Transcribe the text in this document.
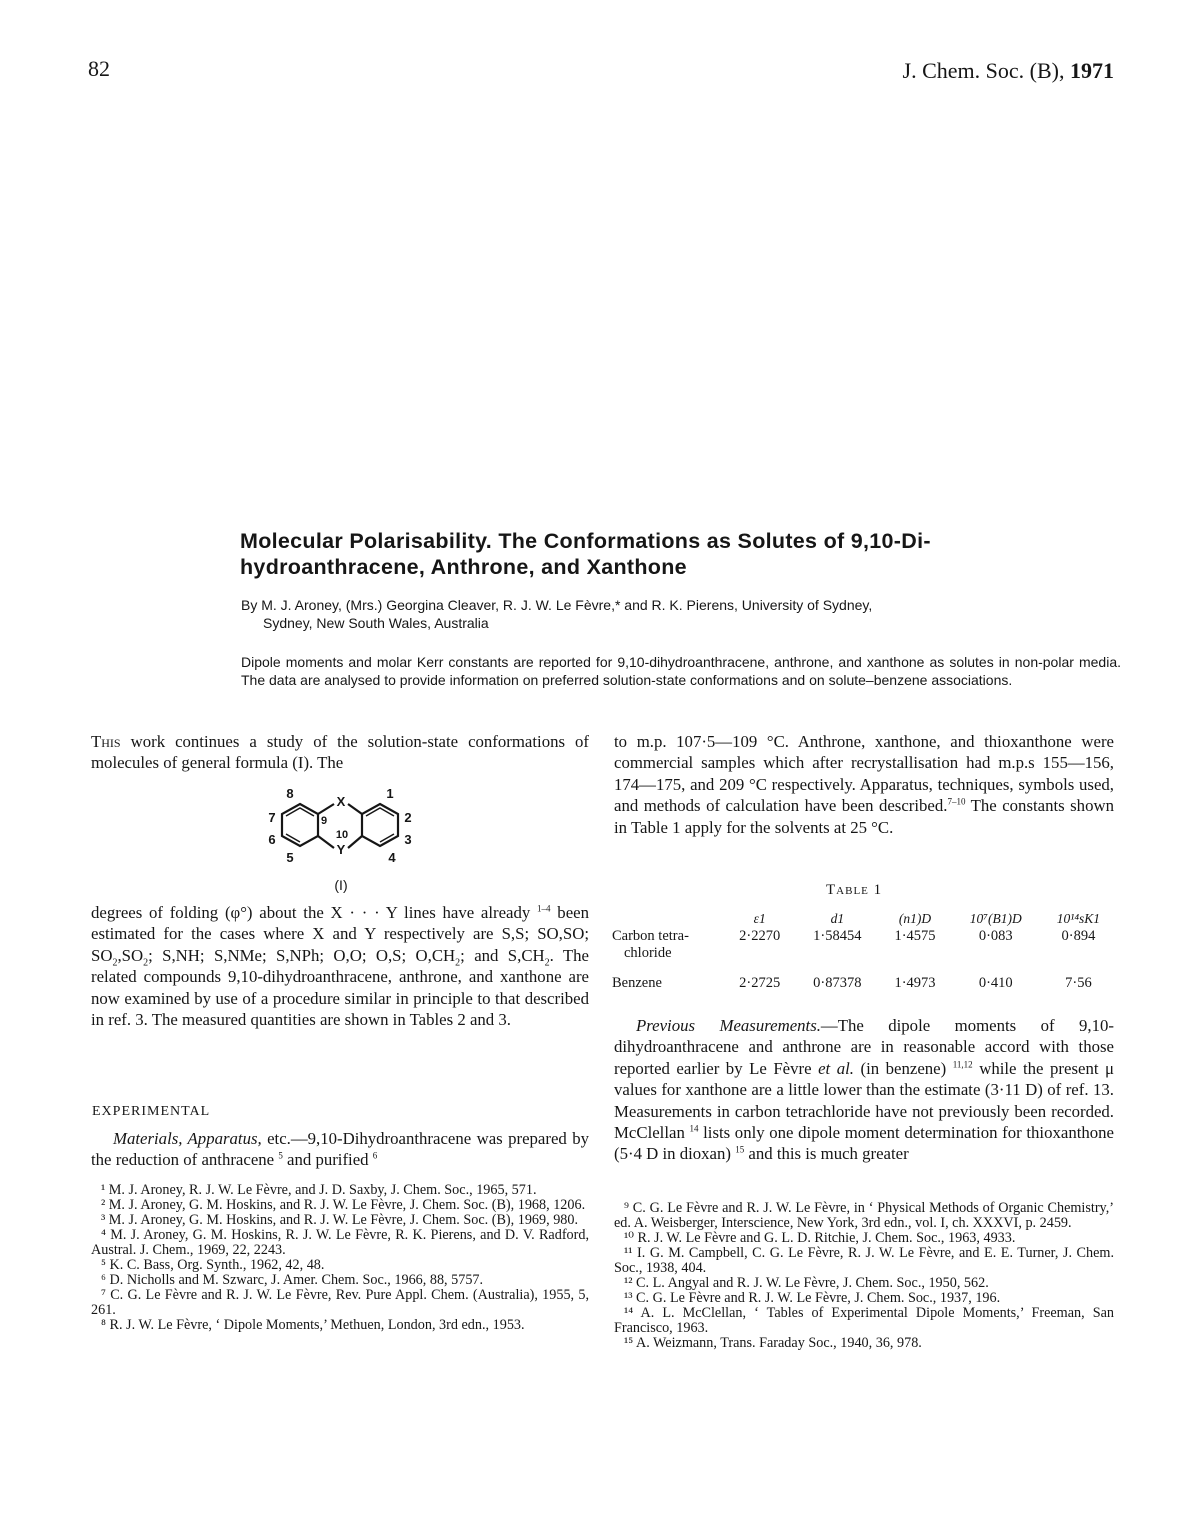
82	J. Chem. Soc. (B), 1971
Molecular Polarisability. The Conformations as Solutes of 9,10-Di- hydroanthracene, Anthrone, and Xanthone
By M. J. Aroney, (Mrs.) Georgina Cleaver, R. J. W. Le Fèvre,* and R. K. Pierens, University of Sydney,
Sydney, New South Wales, Australia
Dipole moments and molar Kerr constants are reported for 9,10-dihydroanthracene, anthrone, and xanthone as solutes in non-polar media. The data are analysed to provide information on preferred solution-state conformations and on solute–benzene associations.
This work continues a study of the solution-state conformations of molecules of general formula (I). The
X
Y
1
2
3
4
5
6
7
8
9
10
(I)
degrees of folding (φ°) about the X · · · Y lines have already $^{1-4}$ been estimated for the cases where X and Y respectively are S,S; SO,SO; $SO_2,SO_2$; S,NH; S,NMe; S,NPh; O,O; O,S; $O,CH_2$; and $S,CH_2$. The related compounds 9,10-dihydroanthracene, anthrone, and xanthone are now examined by use of a procedure similar in principle to that described in ref. 3. The measured quantities are shown in Tables 2 and 3.
EXPERIMENTAL
Materials, Apparatus, etc.—9,10-Dihydroanthracene was prepared by the reduction of anthracene $^5$ and purified $^6$
to m.p. 107·5—109 °C. Anthrone, xanthone, and thioxanthone were commercial samples which after recrystallisation had m.p.s 155—156, 174—175, and 209 °C respectively. Apparatus, techniques, symbols used, and methods of calculation have been described.$^{7-10}$ The constants shown in Table 1 apply for the solvents at 25 °C.
Table 1
	ε1	d1	(n1)D	10⁷(B1)D	10¹⁴sK1
Carbon tetra-	2·2270	1·58454	1·4575	0·083	0·894
chloride					
Benzene	2·2725	0·87378	1·4973	0·410	7·56
Previous Measurements.—The dipole moments of 9,10-dihydroanthracene and anthrone are in reasonable accord with those reported earlier by Le Fèvre et al. (in benzene) $^{11,12}$ while the present μ values for xanthone are a little lower than the estimate (3·11 D) of ref. 13. Measurements in carbon tetrachloride have not previously been recorded. McClellan $^{14}$ lists only one dipole moment determination for thioxanthone (5·4 D in dioxan) $^{15}$ and this is much greater

¹ M. J. Aroney, R. J. W. Le Fèvre, and J. D. Saxby, J. Chem. Soc., 1965, 571.

² M. J. Aroney, G. M. Hoskins, and R. J. W. Le Fèvre, J. Chem. Soc. (B), 1968, 1206.

³ M. J. Aroney, G. M. Hoskins, and R. J. W. Le Fèvre, J. Chem. Soc. (B), 1969, 980.

⁴ M. J. Aroney, G. M. Hoskins, R. J. W. Le Fèvre, R. K. Pierens, and D. V. Radford, Austral. J. Chem., 1969, 22, 2243.

⁵ K. C. Bass, Org. Synth., 1962, 42, 48.

⁶ D. Nicholls and M. Szwarc, J. Amer. Chem. Soc., 1966, 88, 5757.

⁷ C. G. Le Fèvre and R. J. W. Le Fèvre, Rev. Pure Appl. Chem. (Australia), 1955, 5, 261.

⁸ R. J. W. Le Fèvre, ‘ Dipole Moments,’ Methuen, London, 3rd edn., 1953.

⁹ C. G. Le Fèvre and R. J. W. Le Fèvre, in ‘ Physical Methods of Organic Chemistry,’ ed. A. Weisberger, Interscience, New York, 3rd edn., vol. I, ch. XXXVI, p. 2459.

¹⁰ R. J. W. Le Fèvre and G. L. D. Ritchie, J. Chem. Soc., 1963, 4933.

¹¹ I. G. M. Campbell, C. G. Le Fèvre, R. J. W. Le Fèvre, and E. E. Turner, J. Chem. Soc., 1938, 404.

¹² C. L. Angyal and R. J. W. Le Fèvre, J. Chem. Soc., 1950, 562.

¹³ C. G. Le Fèvre and R. J. W. Le Fèvre, J. Chem. Soc., 1937, 196.

¹⁴ A. L. McClellan, ‘ Tables of Experimental Dipole Moments,’ Freeman, San Francisco, 1963.

¹⁵ A. Weizmann, Trans. Faraday Soc., 1940, 36, 978.
